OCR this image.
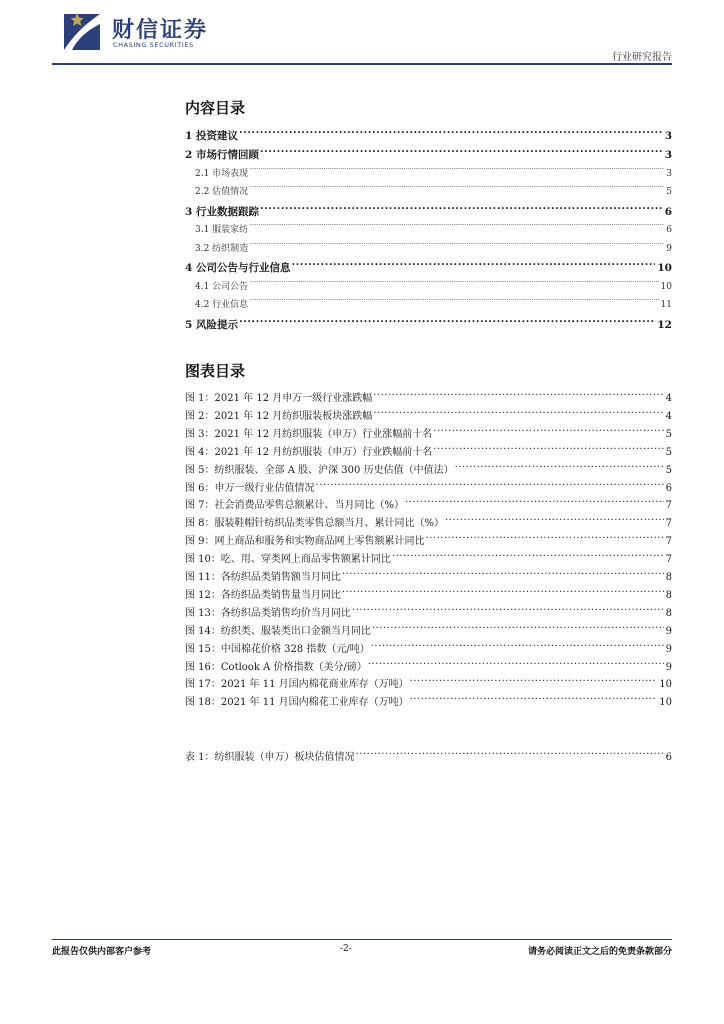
财信证券
CHASING SECURITIES
行业研究报告
内容目录
1 投资建议 .....	3
2 市场行情回顾 .....	3
2.1 市场表现 .....	3
2.2 估值情况 .....	5
3 行业数据跟踪 .....	6
3.1 服装家纺 .....	6
3.2 纺织制造 .....	9
4 公司公告与行业信息 .....	10
4.1 公司公告 .....	10
4.2 行业信息 .....	11
5 风险提示 .....	12
图表目录
图 1：2021 年 12 月申万一级行业涨跌幅 .....	4
图 2：2021 年 12 月纺织服装板块涨跌幅 .....	4
图 3：2021 年 12 月纺织服装（申万）行业涨幅前十名 .....	5
图 4：2021 年 12 月纺织服装（申万）行业跌幅前十名 .....	5
图 5：纺织服装、全部 A 股、沪深 300 历史估值（中值法） .....	5
图 6：申万一级行业估值情况 .....	6
图 7：社会消费品零售总额累计、当月同比（%） .....	7
图 8：服装鞋帽针纺织品类零售总额当月、累计同比（%） .....	7
图 9：网上商品和服务和实物商品网上零售额累计同比 .....	7
图 10：吃、用、穿类网上商品零售额累计同比 .....	7
图 11：各纺织品类销售额当月同比 .....	8
图 12：各纺织品类销售量当月同比 .....	8
图 13：各纺织品类销售均价当月同比 .....	8
图 14：纺织类、服装类出口金额当月同比 .....	9
图 15：中国棉花价格 328 指数（元/吨） .....	9
图 16：Cotlook A 价格指数（美分/磅） .....	9
图 17：2021 年 11 月国内棉花商业库存（万吨） .....	10
图 18：2021 年 11 月国内棉花工业库存（万吨） .....	10
表 1：纺织服装（申万）板块估值情况 .....	6
此报告仅供内部客户参考	-2-	请务必阅读正文之后的免责条款部分
